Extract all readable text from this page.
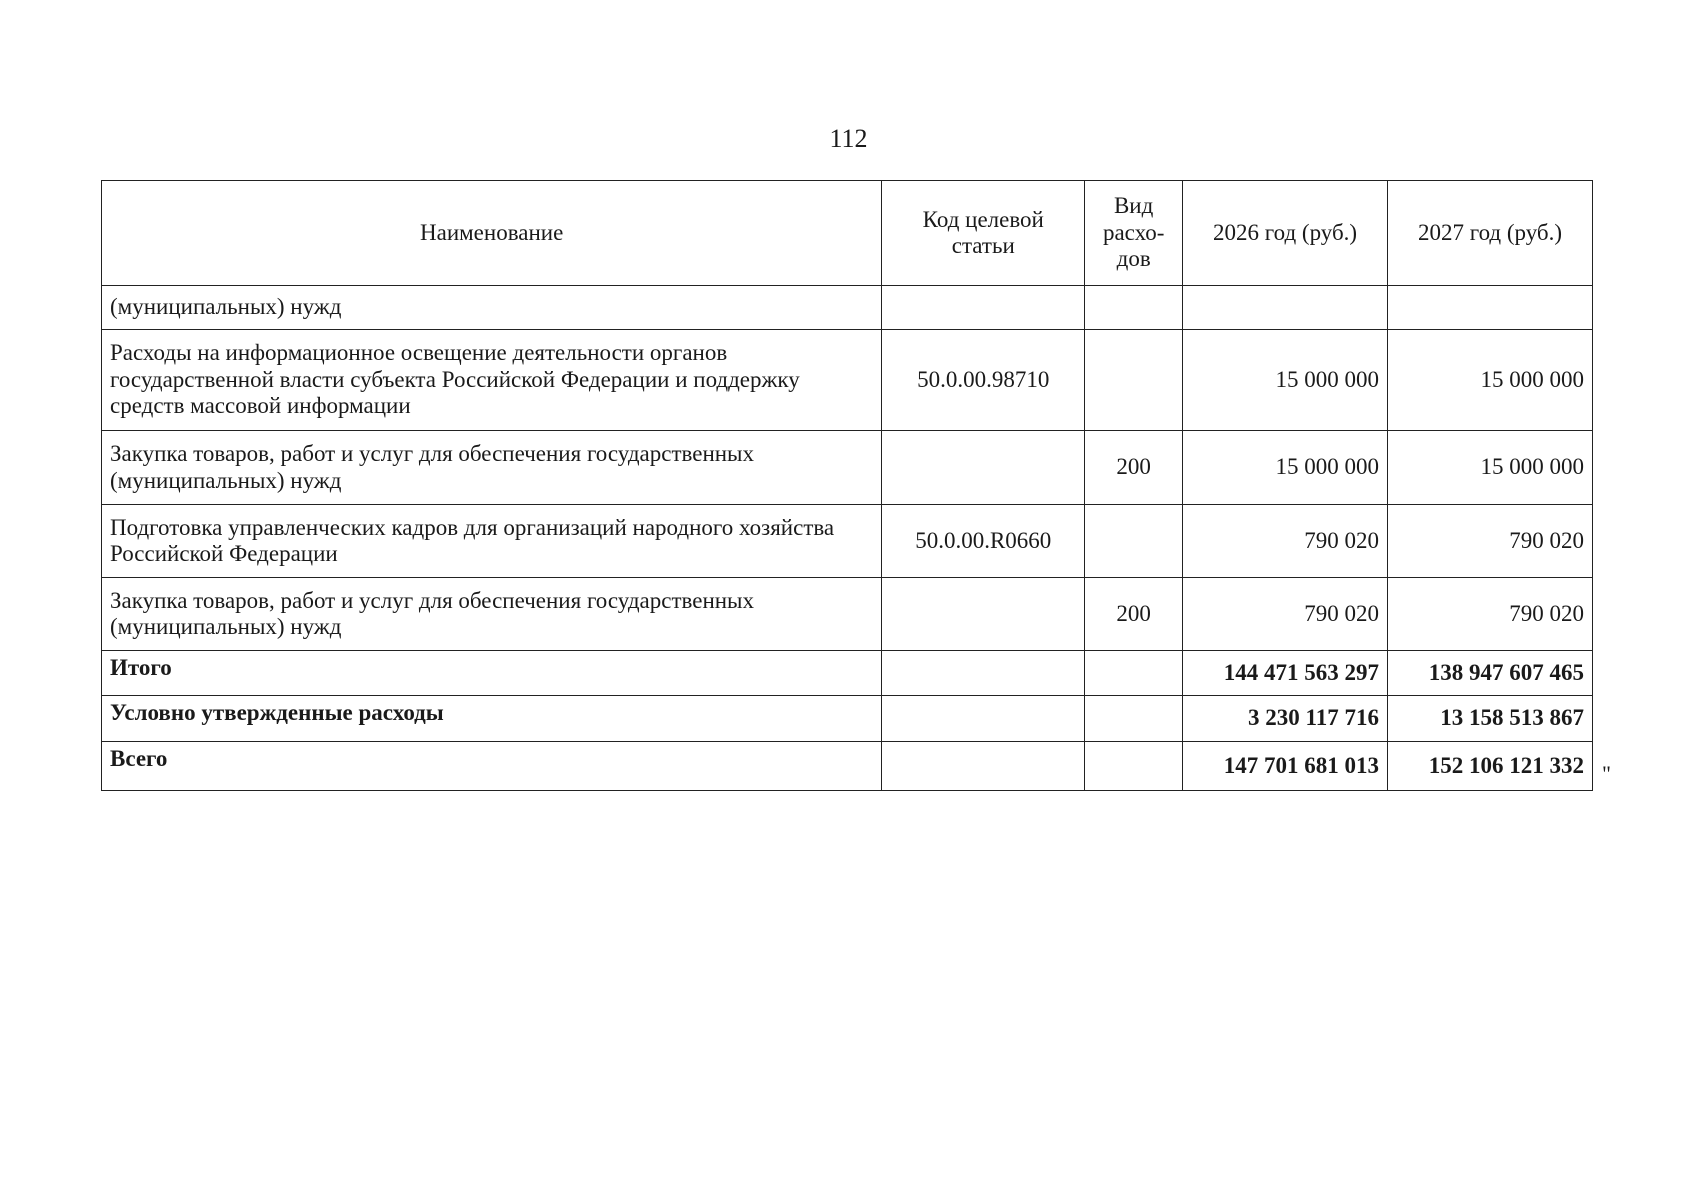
112
Наименование	Код целевой статьи	Вид расхо-дов	2026 год (руб.)	2027 год (руб.)
(муниципальных) нужд				
Расходы на информационное освещение деятельности органов государственной власти субъекта Российской Федерации и поддержку средств массовой информации	50.0.00.98710		15 000 000	15 000 000
Закупка товаров, работ и услуг для обеспечения государственных (муниципальных) нужд		200	15 000 000	15 000 000
Подготовка управленческих кадров для организаций народного хозяйства Российской Федерации	50.0.00.R0660		790 020	790 020
Закупка товаров, работ и услуг для обеспечения государственных (муниципальных) нужд		200	790 020	790 020
Итого			144 471 563 297	138 947 607 465
Условно утвержденные расходы			3 230 117 716	13 158 513 867
Всего			147 701 681 013	152 106 121 332 "
